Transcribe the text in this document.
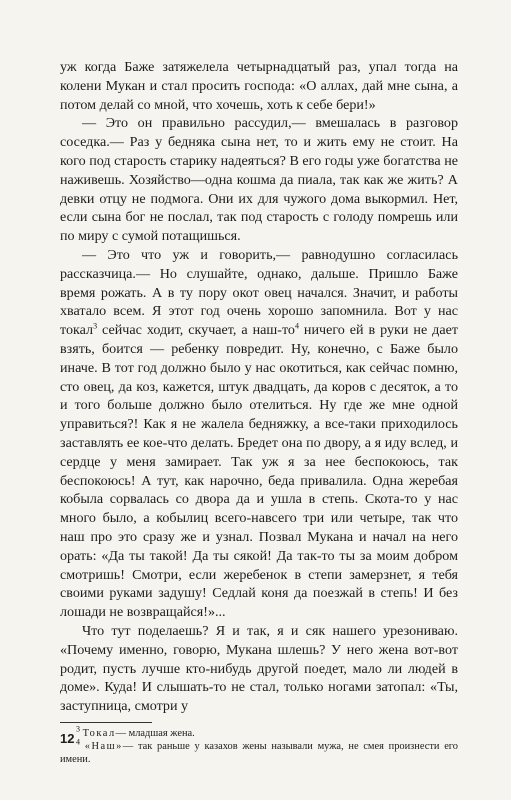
уж когда Баже затяжелела четырнадцатый раз, упал тогда на колени Мукан и стал просить господа: «О аллах, дай мне сына, а потом делай со мной, что хочешь, хоть к себе бери!»

— Это он правильно рассудил,— вмешалась в разговор соседка.— Раз у бедняка сына нет, то и жить ему не стоит. На кого под старость старику надеяться? В его годы уже богатства не наживешь. Хозяйство—одна кошма да пиала, так как же жить? А девки отцу не подмога. Они их для чужого дома выкормил. Нет, если сына бог не послал, так под старость с голоду помрешь или по миру с сумой потащишься.

— Это что уж и говорить,— равнодушно согласилась рассказчица.— Но слушайте, однако, дальше. Пришло Баже время рожать. А в ту пору окот овец начался. Значит, и работы хватало всем. Я этот год очень хорошо запомнила. Вот у нас токал$^3$ сейчас ходит, скучает, а наш-$то^4$ ничего ей в руки не дает взять, боится — ребенку повредит. Ну, конечно, с Баже было иначе. В тот год должно было у нас окотиться, как сейчас помню, сто овец, да коз, кажется, штук двадцать, да коров с десяток, а то и того больше должно было отелиться. Ну где же мне одной управиться?! Как я не жалела бедняжку, а все-таки приходилось заставлять ее кое-что делать. Бредет она по двору, а я иду вслед, и сердце у меня замирает. Так уж я за нее беспокоюсь, так беспокоюсь! А тут, как нарочно, беда привалила. Одна жеребая кобыла сорвалась со двора да и ушла в степь. Скота-то у нас много было, а кобылиц всего-навсего три или четыре, так что наш про это сразу же и узнал. Позвал Мукана и начал на него орать: «Да ты такой! Да ты сякой! Да так-то ты за моим добром смотришь! Смотри, если жеребенок в степи замерзнет, я тебя своими руками задушу! Седлай коня да поезжай в степь! И без лошади не возвращайся!»...

Что тут поделаешь? Я и так, я и сяк нашего урезониваю. «Почему именно, говорю, Мукана шлешь? У него жена вот-вот родит, пусть лучше кто-нибудь другой поедет, мало ли людей в доме». Куда! И слышать-то не стал, только ногами затопал: «Ты, заступница, смотри у

$^3$ Токал— младшая жена.

$^4$ «Наш»— так раньше у казахов жены называли мужа, не смея произнести его имени.

12
